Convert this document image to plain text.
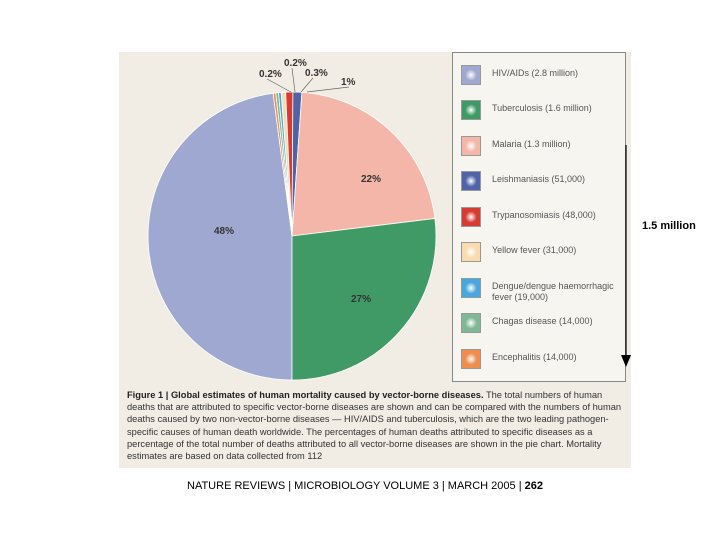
48%
27%
22%
0.2%
0.2%
0.3%
1%
HIV/AIDs (2.8 million)
Tuberculosis (1.6 million)
Malaria (1.3 million)
Leishmaniasis (51,000)
Trypanosomiasis (48,000)
Yellow fever (31,000)
Dengue/dengue haemorrhagic fever (19,000)
Chagas disease (14,000)
Encephalitis (14,000)
Figure 1 | Global estimates of human mortality caused by vector-borne diseases. The total numbers of human deaths that are attributed to specific vector-borne diseases are shown and can be compared with the numbers of human deaths caused by two non-vector-borne diseases — HIV/AIDS and tuberculosis, which are the two leading pathogen-specific causes of human death worldwide. The percentages of human deaths attributed to specific diseases as a percentage of the total number of deaths attributed to all vector-borne diseases are shown in the pie chart. Mortality estimates are based on data collected from 112
1.5 million
NATURE REVIEWS | MICROBIOLOGY VOLUME 3 | MARCH 2005 | 262
